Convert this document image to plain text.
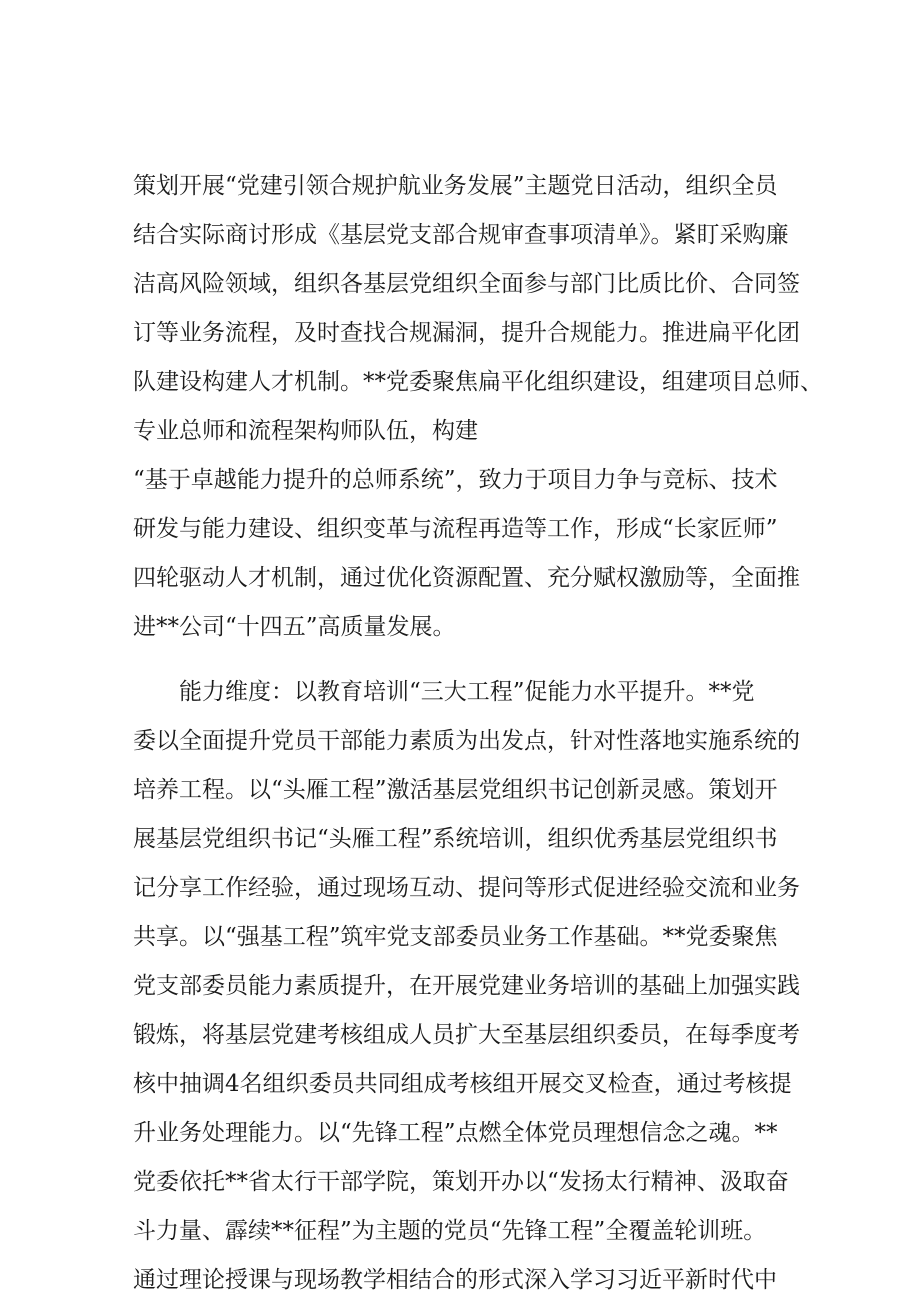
策划开展“党建引领合规护航业务发展”主题党日活动，组织全员
结合实际商讨形成《基层党支部合规审查事项清单》。紧盯采购廉
洁高风险领域，组织各基层党组织全面参与部门比质比价、合同签
订等业务流程，及时查找合规漏洞，提升合规能力。推进扁平化团
队建设构建人才机制。**党委聚焦扁平化组织建设，组建项目总师、
专业总师和流程架构师队伍，构建
“基于卓越能力提升的总师系统”，致力于项目力争与竞标、技术
研发与能力建设、组织变革与流程再造等工作，形成“长家匠师”
四轮驱动人才机制，通过优化资源配置、充分赋权激励等，全面推
进**公司“十四五”高质量发展。
　　能力维度：以教育培训“三大工程”促能力水平提升。**党
委以全面提升党员干部能力素质为出发点，针对性落地实施系统的
培养工程。以“头雁工程”激活基层党组织书记创新灵感。策划开
展基层党组织书记“头雁工程”系统培训，组织优秀基层党组织书
记分享工作经验，通过现场互动、提问等形式促进经验交流和业务
共享。以“强基工程”筑牢党支部委员业务工作基础。**党委聚焦
党支部委员能力素质提升，在开展党建业务培训的基础上加强实践
锻炼，将基层党建考核组成人员扩大至基层组织委员，在每季度考
核中抽调4名组织委员共同组成考核组开展交叉检查，通过考核提
升业务处理能力。以“先锋工程”点燃全体党员理想信念之魂。**
党委依托**省太行干部学院，策划开办以“发扬太行精神、汲取奋
斗力量、霹续**征程”为主题的党员“先锋工程”全覆盖轮训班。
通过理论授课与现场教学相结合的形式深入学习习近平新时代中
